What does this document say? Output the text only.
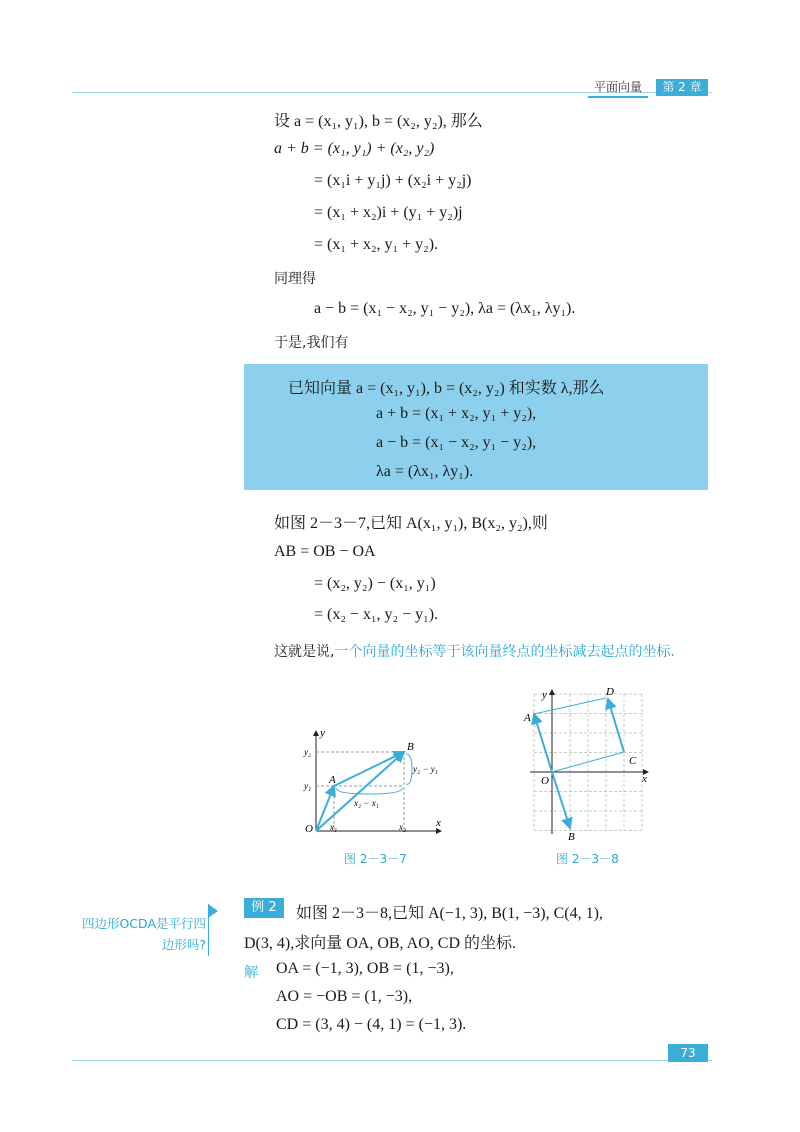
平面向量	第 2 章
设 a = (x₁, y₁), b = (x₂, y₂), 那么
a + b = (x₁, y₁) + (x₂, y₂)
= (x₁i + y₁j) + (x₂i + y₂j)
= (x₁ + x₂)i + (y₁ + y₂)j
= (x₁ + x₂, y₁ + y₂).
同理得
a − b = (x₁ − x₂, y₁ − y₂), λa = (λx₁, λy₁).
于是,我们有
已知向量 a = (x₁, y₁), b = (x₂, y₂) 和实数 λ,那么
a + b = (x₁ + x₂, y₁ + y₂),
a − b = (x₁ − x₂, y₁ − y₂),
λa = (λx₁, λy₁).
如图 2－3－7,已知 A(x₁, y₁), B(x₂, y₂),则
AB = OB − OA
= (x₂, y₂) − (x₁, y₁)
= (x₂ − x₁, y₂ − y₁).
这就是说,一个向量的坐标等于该向量终点的坐标减去起点的坐标.
y
x
O
A
B
x₁	x₂
y₁
y₂
y₂ − y₁
x₂ − x₁
图 2－3－7
y
x
O
A
B
C
D
图 2－3－8
四边形OCDA是平行四边形吗?
例 2	如图 2－3－8,已知 A(−1, 3), B(1, −3), C(4, 1),
D(3, 4),求向量 OA, OB, AO, CD 的坐标.
解 OA = (−1, 3), OB = (1, −3),
AO = −OB = (1, −3),
CD = (3, 4) − (4, 1) = (−1, 3).
73
